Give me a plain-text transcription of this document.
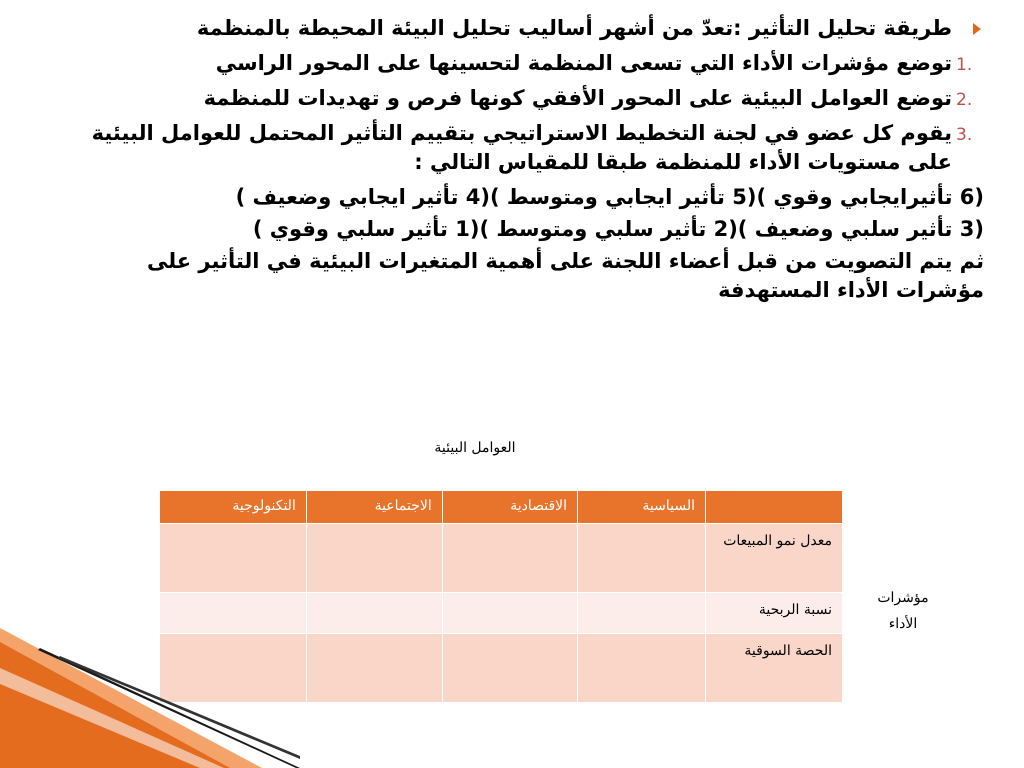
طريقة تحليل التأثير :تعدّ من أشهر أساليب تحليل البيئة المحيطة بالمنظمة
1.
توضع مؤشرات الأداء التي تسعى المنظمة لتحسينها على المحور الراسي
2.
توضع العوامل البيئية على المحور الأفقي كونها فرص و تهديدات للمنظمة
3.
يقوم كل عضو في لجنة التخطيط الاستراتيجي بتقييم التأثير المحتمل للعوامل البيئية على مستويات الأداء للمنظمة طبقا للمقياس التالي :
(6 تأثيرايجابي وقوي )(5 تأثير ايجابي ومتوسط )(4 تأثير ايجابي وضعيف )
(3 تأثير سلبي وضعيف )(2 تأثير سلبي ومتوسط )(1 تأثير سلبي وقوي )
ثم يتم التصويت من قبل أعضاء اللجنة على أهمية المتغيرات البيئية في التأثير على مؤشرات الأداء المستهدفة
العوامل البيئية
	السياسية	الاقتصادية	الاجتماعية	التكنولوجية
معدل نمو المبيعات				
نسبة الربحية				
الحصة السوقية				
مؤشرات الأداء
